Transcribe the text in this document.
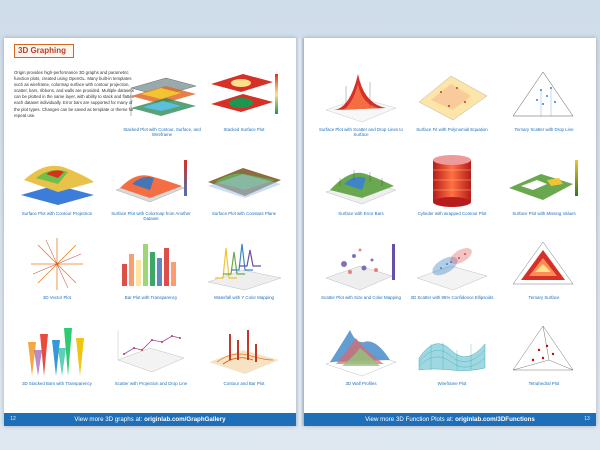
3D Graphing
Origin provides high-performance 3D graphs and parametric function plots, created using OpenGL. Many built-in templates such as wireframe, colormap surface with contour projection, scatter, bars, ribbons, and walls are provided. Multiple datasets can be plotted in the same layer, with ability to stack and flatten each dataset individually. Error bars are supported for many of the plot types. Changes can be saved as template or theme for repeat use.
Stacked Plot with Contour, Surface, and Wireframe
Stacked Surface Plot
Surface Plot with Contour Projection	Surface Plot with Colormap from Another Dataset
Surface Plot with Constant Plane
3D Vector Plot	Bar Plot with Transparency	Waterfall with Y Color Mapping
3D Stacked Bars with Transparency	Scatter with Projection and Drop Line	Contour and Bar Plot
12	View more 3D graphs at: originlab.com/GraphGallery
Surface Plot with Scatter and Drop Lines to Surface
Surface Fit with Polynomial Equation	Ternary Scatter with Drop Line
Surface with Error Bars	Cylinder with wrapped Contour Plot	Surface Plot with Missing Values
Scatter Plot with Size and Color Mapping	3D Scatter with 95% Confidence Ellipsoids	Ternary Surface
3D Wall Profiles	Wireframe Plot	Tetrahedral Plot
View more 3D Function Plots at: originlab.com/3DFunctions	13
